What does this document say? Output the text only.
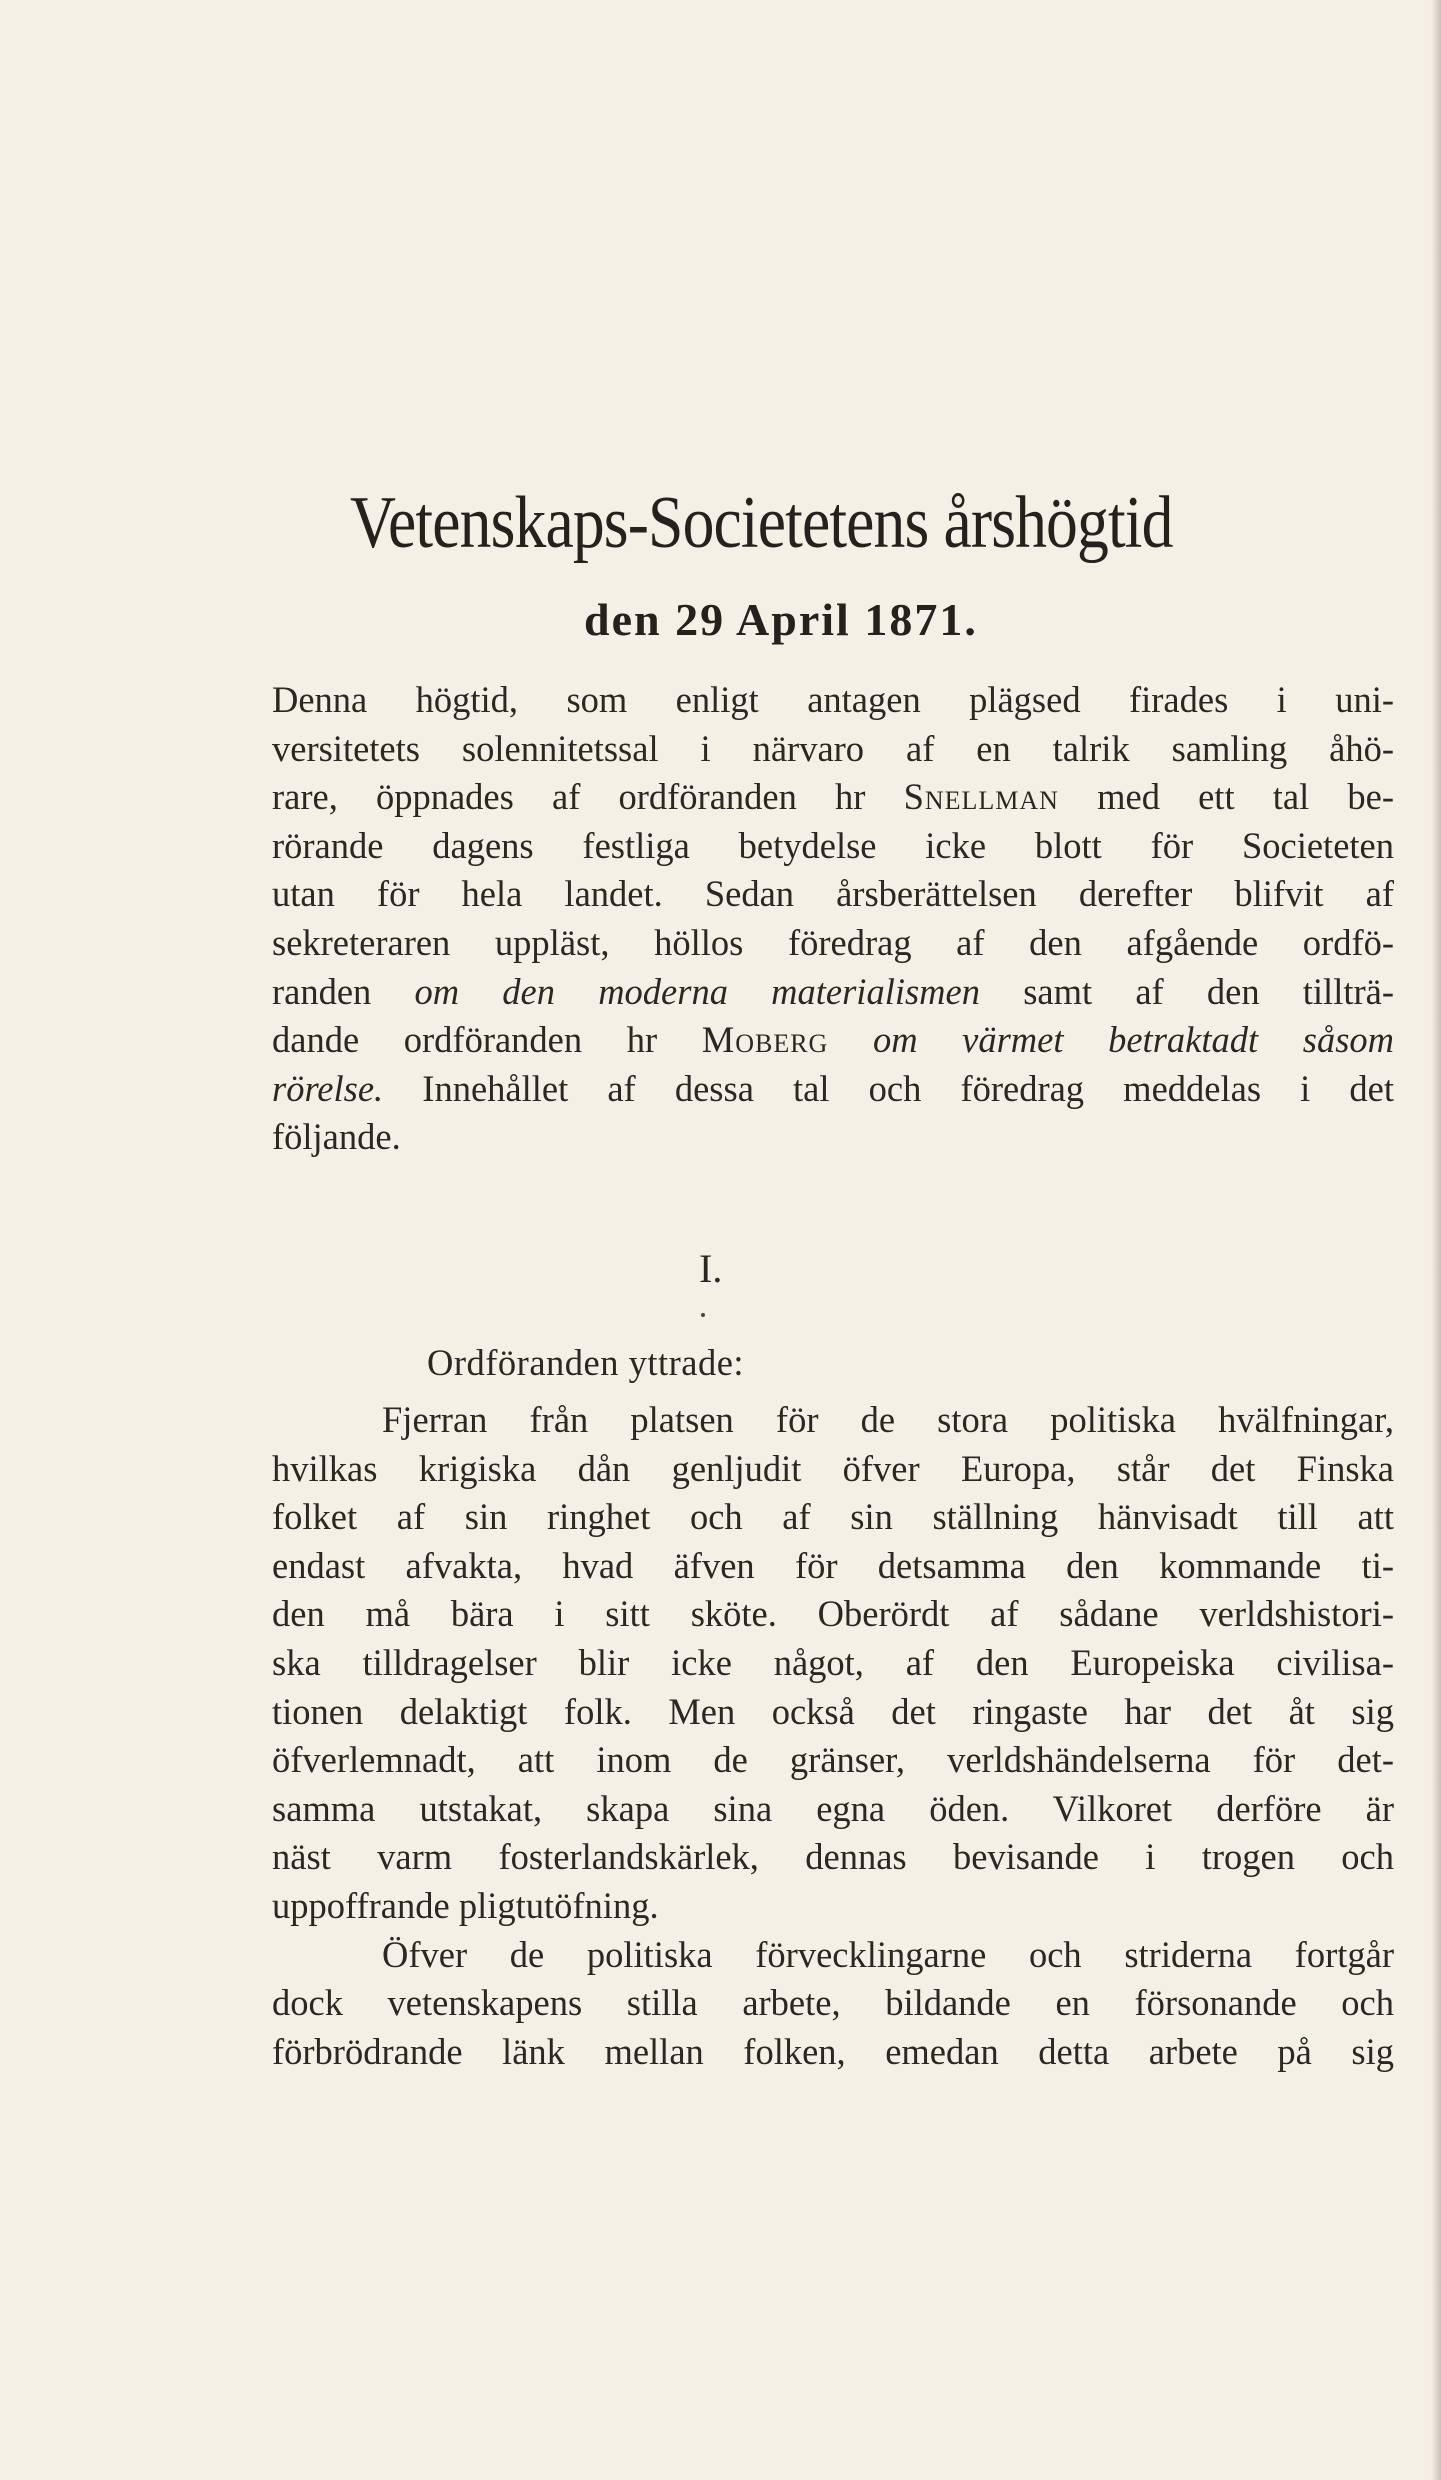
Vetenskaps-Societetens årshögtid
den 29 April 1871.
Denna högtid, som enligt antagen plägsed firades i uni-
versitetets solennitetssal i närvaro af en talrik samling åhö-
rare, öppnades af ordföranden hr Snellman med ett tal be-
rörande dagens festliga betydelse icke blott för Societeten
utan för hela landet. Sedan årsberättelsen derefter blifvit af
sekreteraren uppläst, höllos föredrag af den afgående ordfö-
randen om den moderna materialismen samt af den tillträ-
dande ordföranden hr Moberg om värmet betraktadt såsom
rörelse. Innehållet af dessa tal och föredrag meddelas i det
följande.
I.
Ordföranden yttrade:
Fjerran från platsen för de stora politiska hvälfningar,
hvilkas krigiska dån genljudit öfver Europa, står det Finska
folket af sin ringhet och af sin ställning hänvisadt till att
endast afvakta, hvad äfven för detsamma den kommande ti-
den må bära i sitt sköte. Oberördt af sådane verldshistori-
ska tilldragelser blir icke något, af den Europeiska civilisa-
tionen delaktigt folk. Men också det ringaste har det åt sig
öfverlemnadt, att inom de gränser, verldshändelserna för det-
samma utstakat, skapa sina egna öden. Vilkoret derföre är
näst varm fosterlandskärlek, dennas bevisande i trogen och
uppoffrande pligtutöfning.
Öfver de politiska förvecklingarne och striderna fortgår
dock vetenskapens stilla arbete, bildande en försonande och
förbrödrande länk mellan folken, emedan detta arbete på sig
